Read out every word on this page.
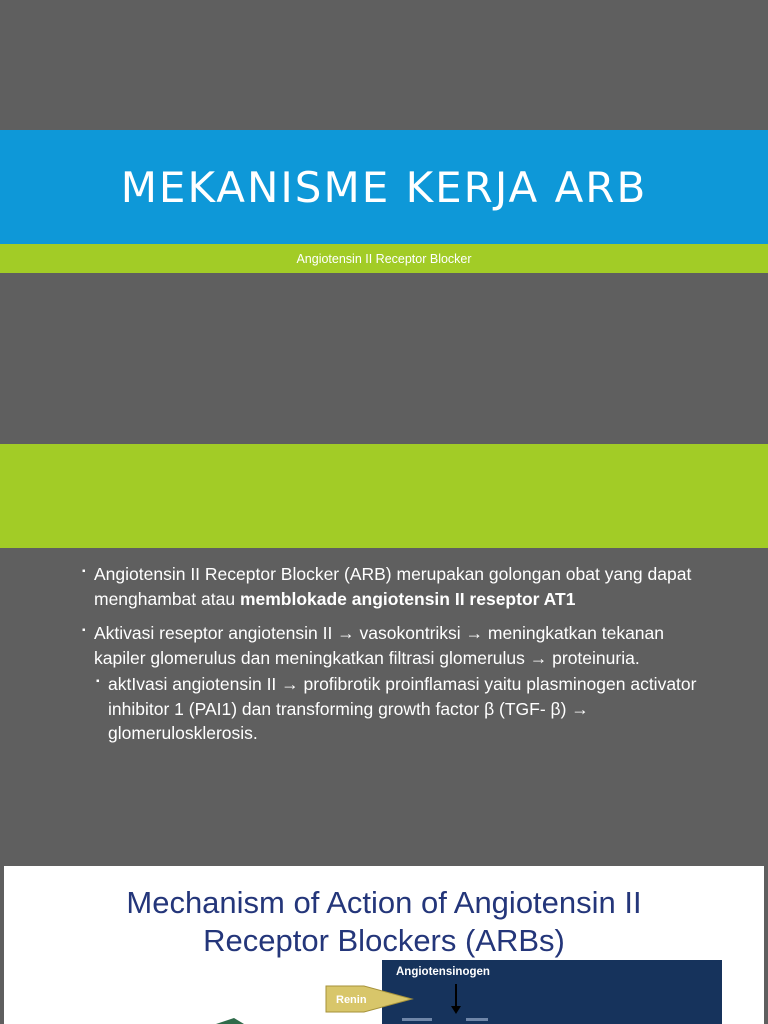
MEKANISME KERJA ARB
Angiotensin II Receptor Blocker
▪ Angiotensin II Receptor Blocker (ARB) merupakan golongan obat yang dapat menghambat atau memblokade angiotensin II reseptor AT1
▪ Aktivasi reseptor angiotensin II → vasokontriksi → meningkatkan tekanan kapiler glomerulus dan meningkatkan filtrasi glomerulus → proteinuria.
▪ aktIvasi angiotensin II → profibrotik proinflamasi yaitu plasminogen activator inhibitor 1 (PAI1) dan transforming growth factor β (TGF- β) → glomerulosklerosis.
Mechanism of Action of Angiotensin II
Receptor Blockers (ARBs)
Angiotensinogen
Renin
